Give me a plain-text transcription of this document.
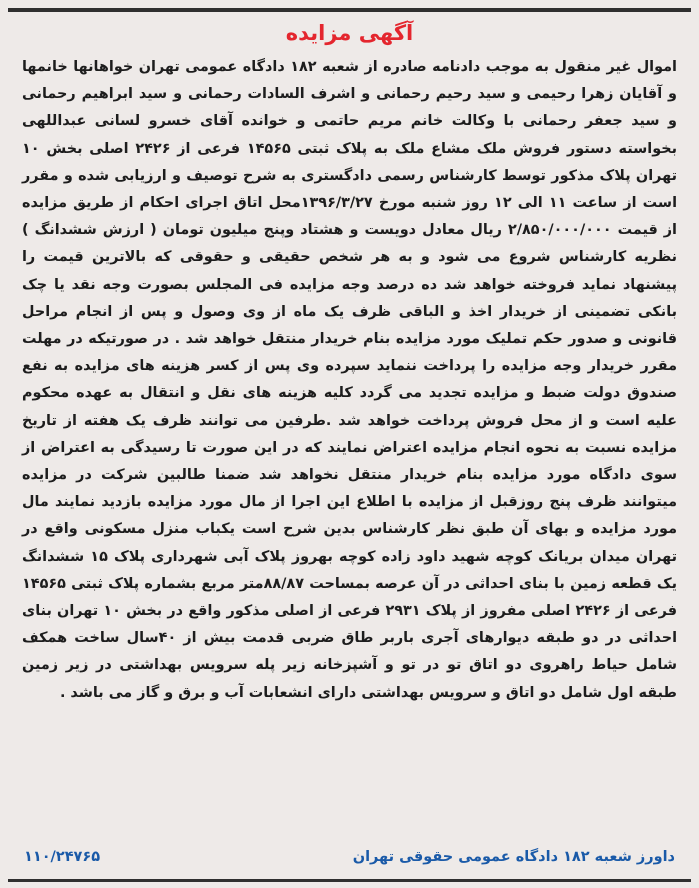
آگهی مزایده
اموال غیر منقول به موجب دادنامه صادره از شعبه ۱۸۲ دادگاه عمومی تهران خواهانها خانمها و آقایان زهرا رحیمی و سید رحیم رحمانی و اشرف السادات رحمانی و سید ابراهیم رحمانی و سید جعفر رحمانی با وکالت خانم مریم حاتمی و خوانده آقای خسرو لسانی عبداللهی بخواسته دستور فروش ملک مشاع ملک به پلاک ثبتی ۱۴۵۶۵ فرعی از ۲۴۲۶ اصلی بخش ۱۰ تهران پلاک مذکور توسط کارشناس رسمی دادگستری به شرح توصیف و ارزیابی شده و مقرر است از ساعت ۱۱ الی ۱۲ روز شنبه مورخ ۱۳۹۶/۳/۲۷محل اتاق اجرای احکام از طریق مزایده از قیمت ۲/۸۵۰/۰۰۰/۰۰۰ ریال معادل دویست و هشتاد وپنج میلیون تومان ( ارزش ششدانگ ) نظریه کارشناس شروع می شود و به هر شخص حقیقی و حقوقی که بالاترین قیمت را پیشنهاد نماید فروخته خواهد شد ده درصد وجه مزایده فی المجلس بصورت وجه نقد یا چک بانکی تضمینی از خریدار اخذ و الباقی ظرف یک ماه از وی وصول و پس از انجام مراحل قانونی و صدور حکم تملیک مورد مزایده بنام خریدار منتقل خواهد شد . در صورتیکه در مهلت مقرر خریدار وجه مزایده را پرداخت ننماید سپرده وی پس از کسر هزینه های مزایده به نفع صندوق دولت ضبط و مزایده تجدید می گردد کلیه هزینه های نقل و انتقال به عهده محکوم علیه است و از محل فروش پرداخت خواهد شد .طرفین می توانند ظرف یک هفته از تاریخ مزایده نسبت به نحوه انجام مزایده اعتراض نمایند که در این صورت تا رسیدگی به اعتراض از سوی دادگاه مورد مزایده بنام خریدار منتقل نخواهد شد ضمنا طالبین شرکت در مزایده میتوانند ظرف پنج روزقبل از مزایده با اطلاع این اجرا از مال مورد مزایده بازدید نمایند مال مورد مزایده و بهای آن طبق نظر کارشناس بدین شرح است یکباب منزل مسکونی واقع در تهران میدان بریانک کوچه شهید داود زاده کوچه بهروز پلاک آبی شهرداری پلاک ۱۵ ششدانگ یک قطعه زمین با بنای احداثی در آن عرصه بمساحت ۸۸/۸۷متر مربع بشماره پلاک ثبتی ۱۴۵۶۵ فرعی از ۲۴۲۶ اصلی مفروز از پلاک ۲۹۳۱ فرعی از اصلی مذکور واقع در بخش ۱۰ تهران بنای احداثی در دو طبقه دیوارهای آجری باربر طاق ضربی قدمت بیش از ۴۰سال ساخت همکف شامل حیاط راهروی دو اتاق تو در تو و آشپزخانه زیر پله سرویس بهداشتی در زیر زمین طبقه اول شامل دو اتاق و سرویس بهداشتی دارای انشعابات آب و برق و گاز می باشد .
۱۱۰/۲۴۷۶۵	داورز شعبه ۱۸۲ دادگاه عمومی حقوقی تهران
